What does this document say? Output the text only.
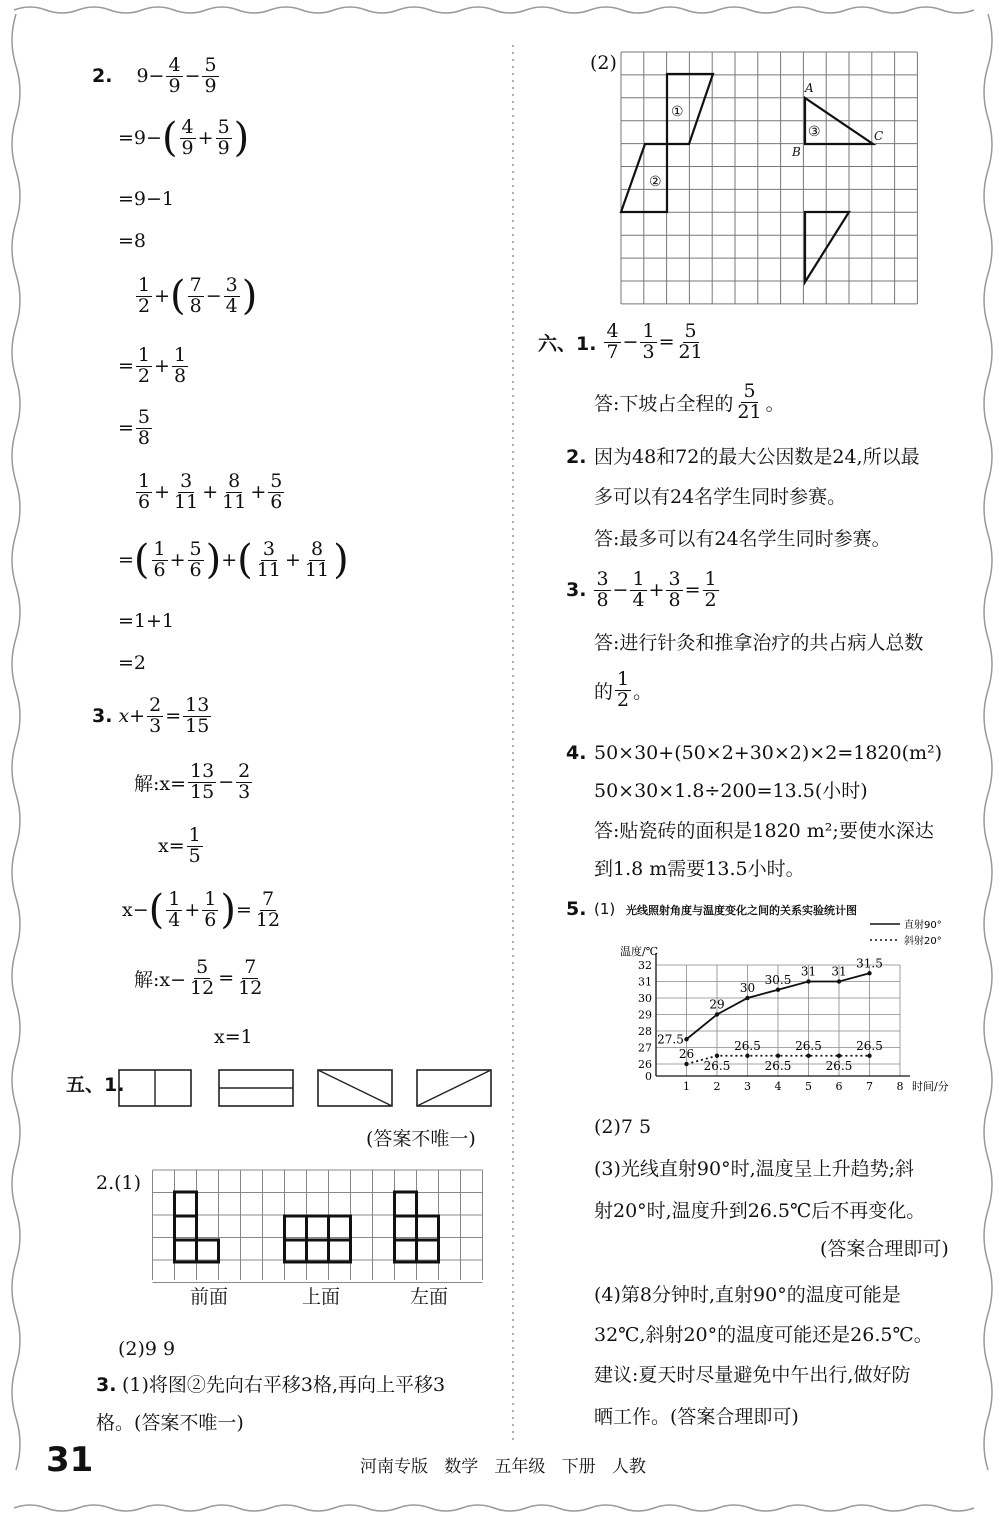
2. $9- \frac{4}{9} - \frac{5}{9}$
=9− ( $\frac{4}{9} + \frac{5}{9}$ )
=9−1
=8
$\frac{1}{2}$ + ( $\frac{7}{8} - \frac{3}{4}$ )
= $\frac{1}{2} + \frac{1}{8}$
= $\frac{5}{8}$
$\frac{1}{6} + \frac{3}{11} + \frac{8}{11} + \frac{5}{6}$
= ( $\frac{1}{6} + \frac{5}{6}$ ) + ( $\frac{3}{11} + \frac{8}{11}$ )
=1+1
=2
3. $x+ \frac{2}{3} = \frac{13}{15}$
解:x= $\frac{13}{15} - \frac{2}{3}$
$x= \frac{1}{5}$
x− ( $\frac{1}{4} + \frac{1}{6}$ ) = $\frac{7}{12}$
解:x− $\frac{5}{12} = \frac{7}{12}$
x=1
五、1.
(答案不唯一)
2.(1)
前面	上面	左面
(2)9 9
3. (1)将图②先向右平移3格,再向上平移3
格。(答案不唯一)
(2)
①
②
③
A
B
C
六、1. $\frac{4}{7} - \frac{1}{3} = \frac{5}{21}$
答:下坡占全程的 $\frac{5}{21}$ 。
2. 因为48和72的最大公因数是24,所以最
多可以有24名学生同时参赛。
答:最多可以有24名学生同时参赛。
3. $\frac{3}{8} - \frac{1}{4} + \frac{3}{8} = \frac{1}{2}$
答:进行针灸和推拿治疗的共占病人总数
的 $\frac{1}{2}$ 。
4. 50×30+(50×2+30×2)×2=1820(m²)
50×30×1.8÷200=13.5(小时)
答:贴瓷砖的面积是1820 m²;要使水深达
到1.8 m需要13.5小时。
5. (1) 光线照射角度与温度变化之间的关系实验统计图
0
26
27
28
29
30
31
32
1 2 3 4 5 6 7 8
温度/℃
时间/分
直射90°
斜射20°
27.5
29
30
30.5
31 31
31.5
26
26.5
26.5
26.5
26.5
26.5
26.5
(2)7 5
(3)光线直射90°时,温度呈上升趋势;斜
射20°时,温度升到26.5℃后不再变化。
(答案合理即可)
(4)第8分钟时,直射90°的温度可能是
32℃,斜射20°的温度可能还是26.5℃。
建议:夏天时尽量避免中午出行,做好防
晒工作。(答案合理即可)
31	河南专版   数学   五年级   下册   人教
